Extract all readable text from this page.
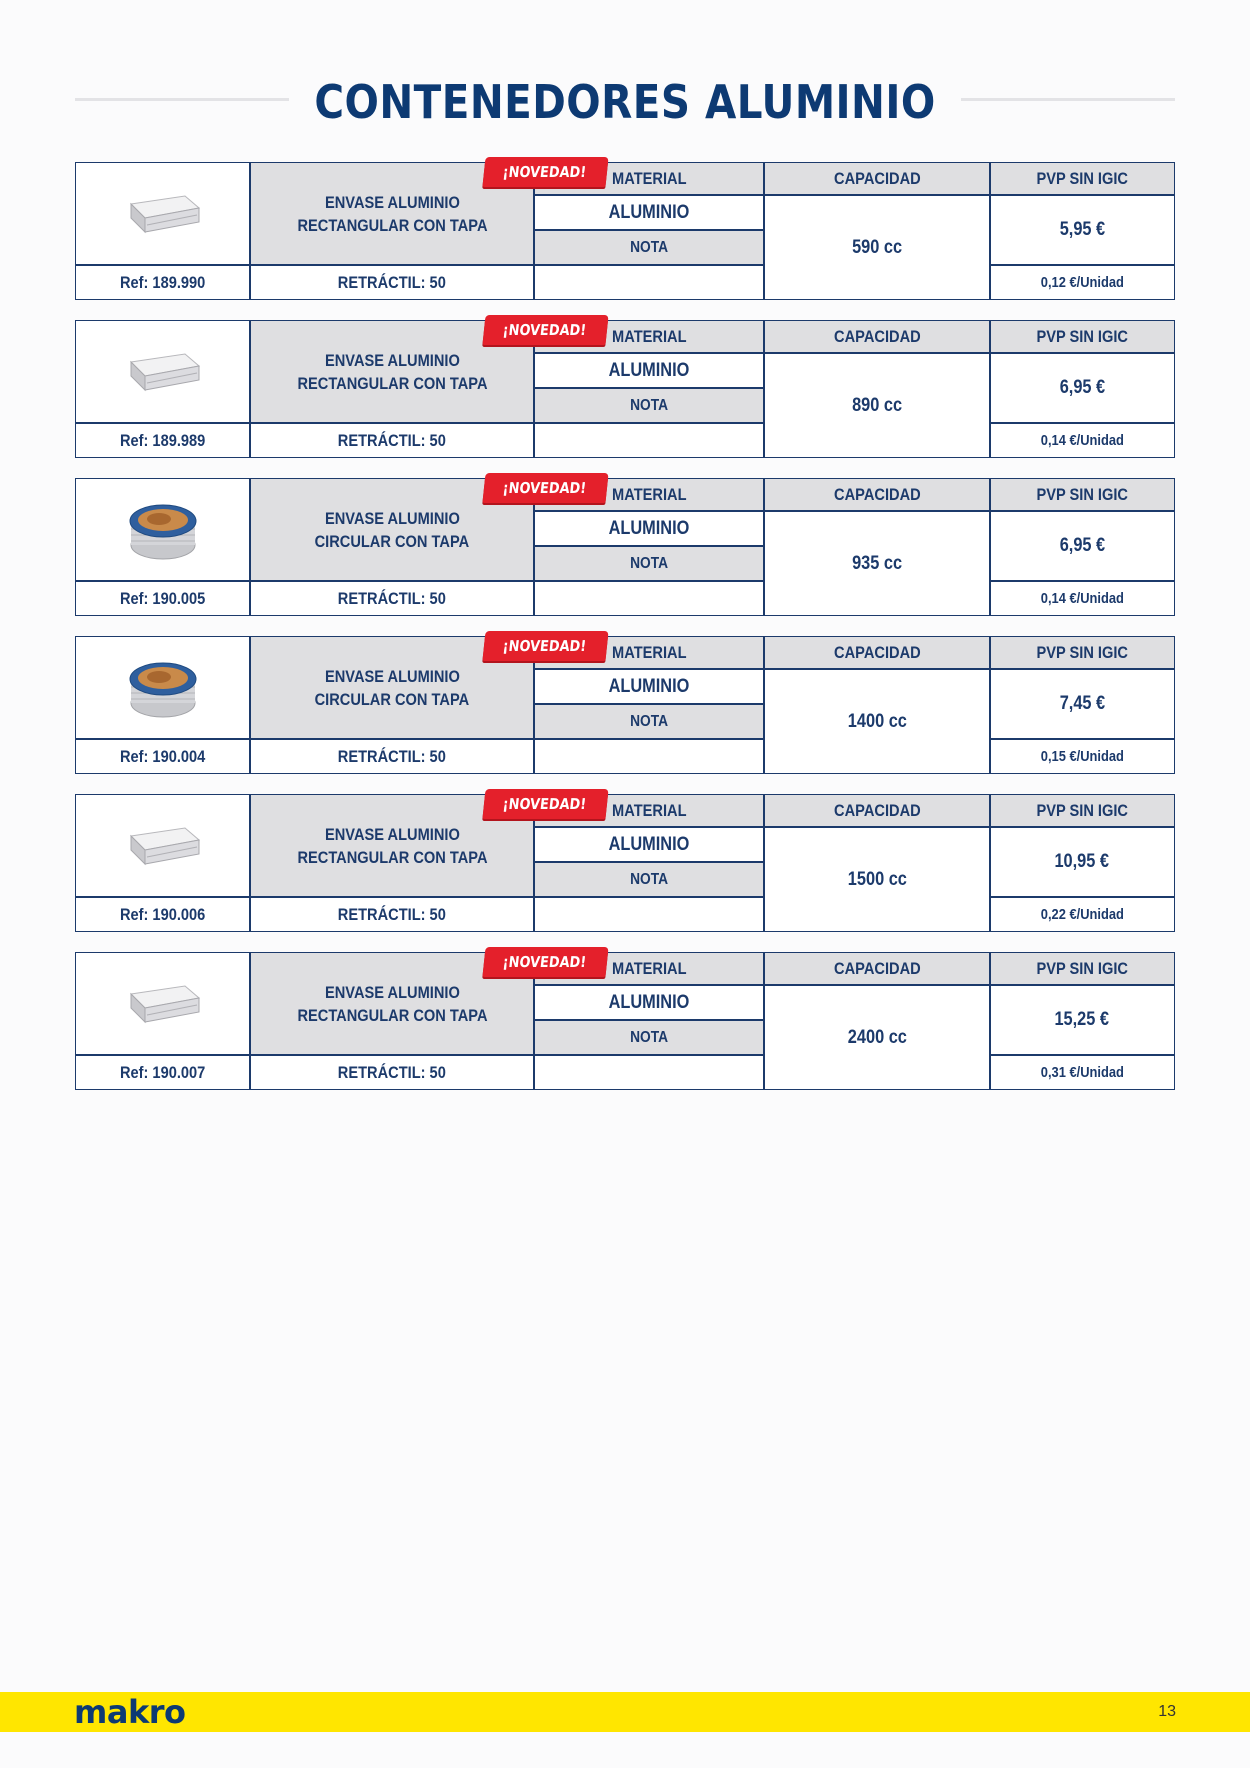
CONTENEDORES ALUMINIO
Ref: 189.990
ENVASE ALUMINIO
RECTANGULAR CON TAPA
RETRÁCTIL: 50
MATERIAL
ALUMINIO
NOTA
CAPACIDAD
590 cc
PVP SIN IGIC
5,95 €
0,12 €/Unidad
¡NOVEDAD!
Ref: 189.989
ENVASE ALUMINIO
RECTANGULAR CON TAPA
RETRÁCTIL: 50
MATERIAL
ALUMINIO
NOTA
CAPACIDAD
890 cc
PVP SIN IGIC
6,95 €
0,14 €/Unidad
¡NOVEDAD!
Ref: 190.005
ENVASE ALUMINIO
CIRCULAR CON TAPA
RETRÁCTIL: 50
MATERIAL
ALUMINIO
NOTA
CAPACIDAD
935 cc
PVP SIN IGIC
6,95 €
0,14 €/Unidad
¡NOVEDAD!
Ref: 190.004
ENVASE ALUMINIO
CIRCULAR CON TAPA
RETRÁCTIL: 50
MATERIAL
ALUMINIO
NOTA
CAPACIDAD
1400 cc
PVP SIN IGIC
7,45 €
0,15 €/Unidad
¡NOVEDAD!
Ref: 190.006
ENVASE ALUMINIO
RECTANGULAR CON TAPA
RETRÁCTIL: 50
MATERIAL
ALUMINIO
NOTA
CAPACIDAD
1500 cc
PVP SIN IGIC
10,95 €
0,22 €/Unidad
¡NOVEDAD!
Ref: 190.007
ENVASE ALUMINIO
RECTANGULAR CON TAPA
RETRÁCTIL: 50
MATERIAL
ALUMINIO
NOTA
CAPACIDAD
2400 cc
PVP SIN IGIC
15,25 €
0,31 €/Unidad
¡NOVEDAD!
makro	13
